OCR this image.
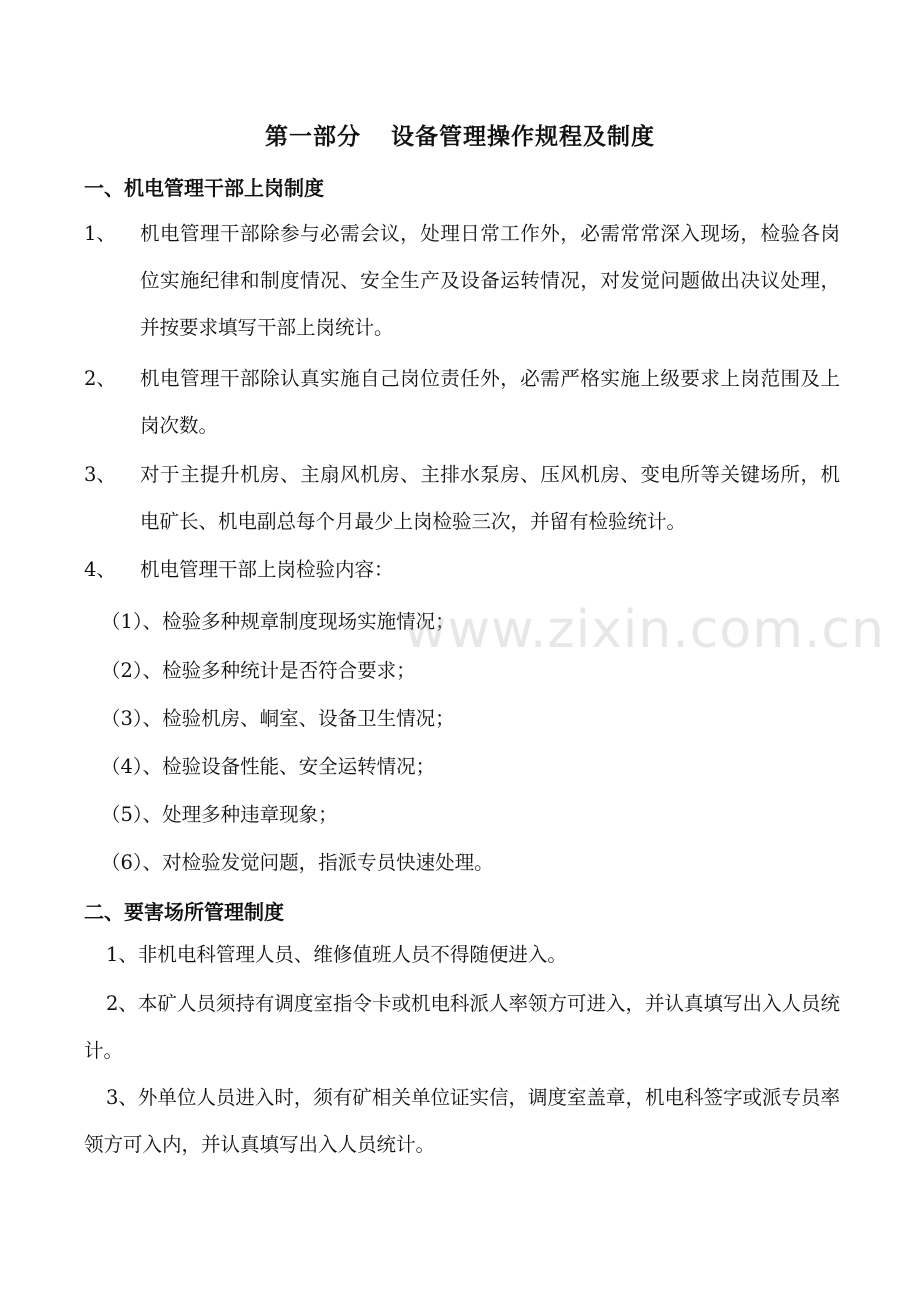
第一部分 设备管理操作规程及制度
一、机电管理干部上岗制度
1、 机电管理干部除参与必需会议，处理日常工作外，必需常常深入现场，检验各岗位实施纪律和制度情况、安全生产及设备运转情况，对发觉问题做出决议处理，并按要求填写干部上岗统计。
2、 机电管理干部除认真实施自己岗位责任外，必需严格实施上级要求上岗范围及上岗次数。
3、 对于主提升机房、主扇风机房、主排水泵房、压风机房、变电所等关键场所，机电矿长、机电副总每个月最少上岗检验三次，并留有检验统计。
4、 机电管理干部上岗检验内容：
（1）、检验多种规章制度现场实施情况；
（2）、检验多种统计是否符合要求；
（3）、检验机房、峒室、设备卫生情况；
（4）、检验设备性能、安全运转情况；
（5）、处理多种违章现象；
（6）、对检验发觉问题，指派专员快速处理。
二、要害场所管理制度
1、非机电科管理人员、维修值班人员不得随便进入。
2、本矿人员须持有调度室指令卡或机电科派人率领方可进入，并认真填写出入人员统计。
3、外单位人员进入时，须有矿相关单位证实信，调度室盖章，机电科签字或派专员率领方可入内，并认真填写出入人员统计。
www.zixin.com.cn
